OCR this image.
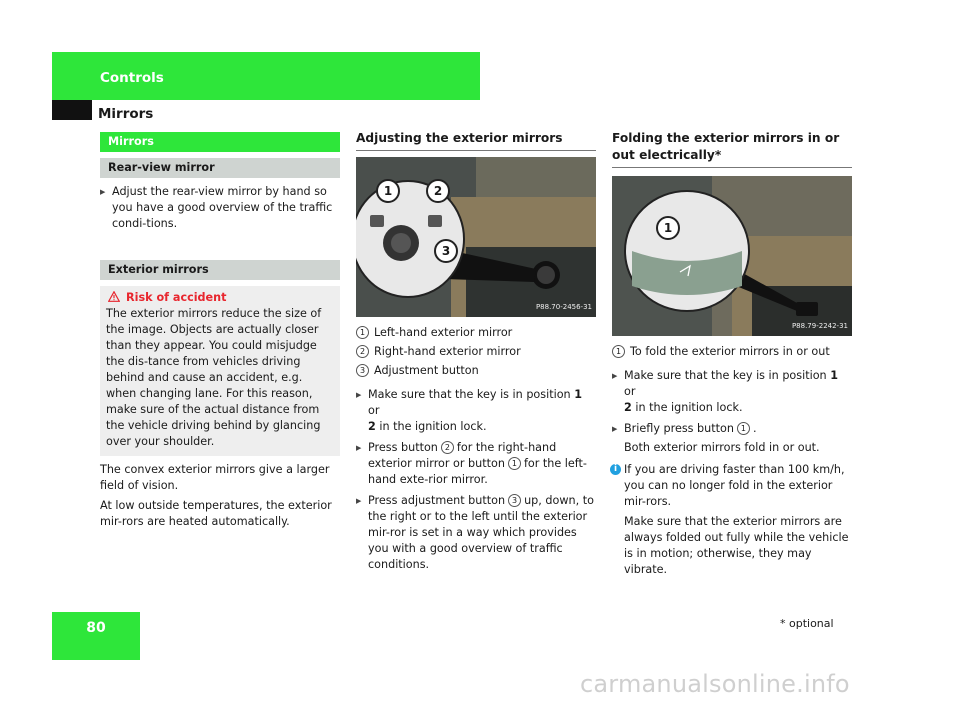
Controls
Mirrors
Mirrors
Rear-view mirror

▶ Adjust the rear-view mirror by hand so you have a good overview of the traffic condi-tions.

Exterior mirrors
Risk of accident

The exterior mirrors reduce the size of the image. Objects are actually closer than they appear. You could misjudge the dis-tance from vehicles driving behind and cause an accident, e.g. when changing lane. For this reason, make sure of the actual distance from the vehicle driving behind by glancing over your shoulder.

The convex exterior mirrors give a larger field of vision.

At low outside temperatures, the exterior mir-rors are heated automatically.

Adjusting the exterior mirrors
1	2
3
P88.70-2456-31
1 Left-hand exterior mirror
2 Right-hand exterior mirror
3 Adjustment button

▶ Make sure that the key is in position 1 or
2 in the ignition lock.

▶ Press button 2 for the right-hand exterior mirror or button 1 for the left-hand exte-rior mirror.

▶ Press adjustment button 3 up, down, to the right or to the left until the exterior mir-ror is set in a way which provides you with a good overview of traffic conditions.

Folding the exterior mirrors in or out electrically*
1
P88.79-2242-31
1 To fold the exterior mirrors in or out

▶ Make sure that the key is in position 1 or
2 in the ignition lock.

▶ Briefly press button 1 .

Both exterior mirrors fold in or out.

i If you are driving faster than 100 km/h, you can no longer fold in the exterior mir-rors.

Make sure that the exterior mirrors are always folded out fully while the vehicle is in motion; otherwise, they may vibrate.

80	* optional
carmanualsonline.info
